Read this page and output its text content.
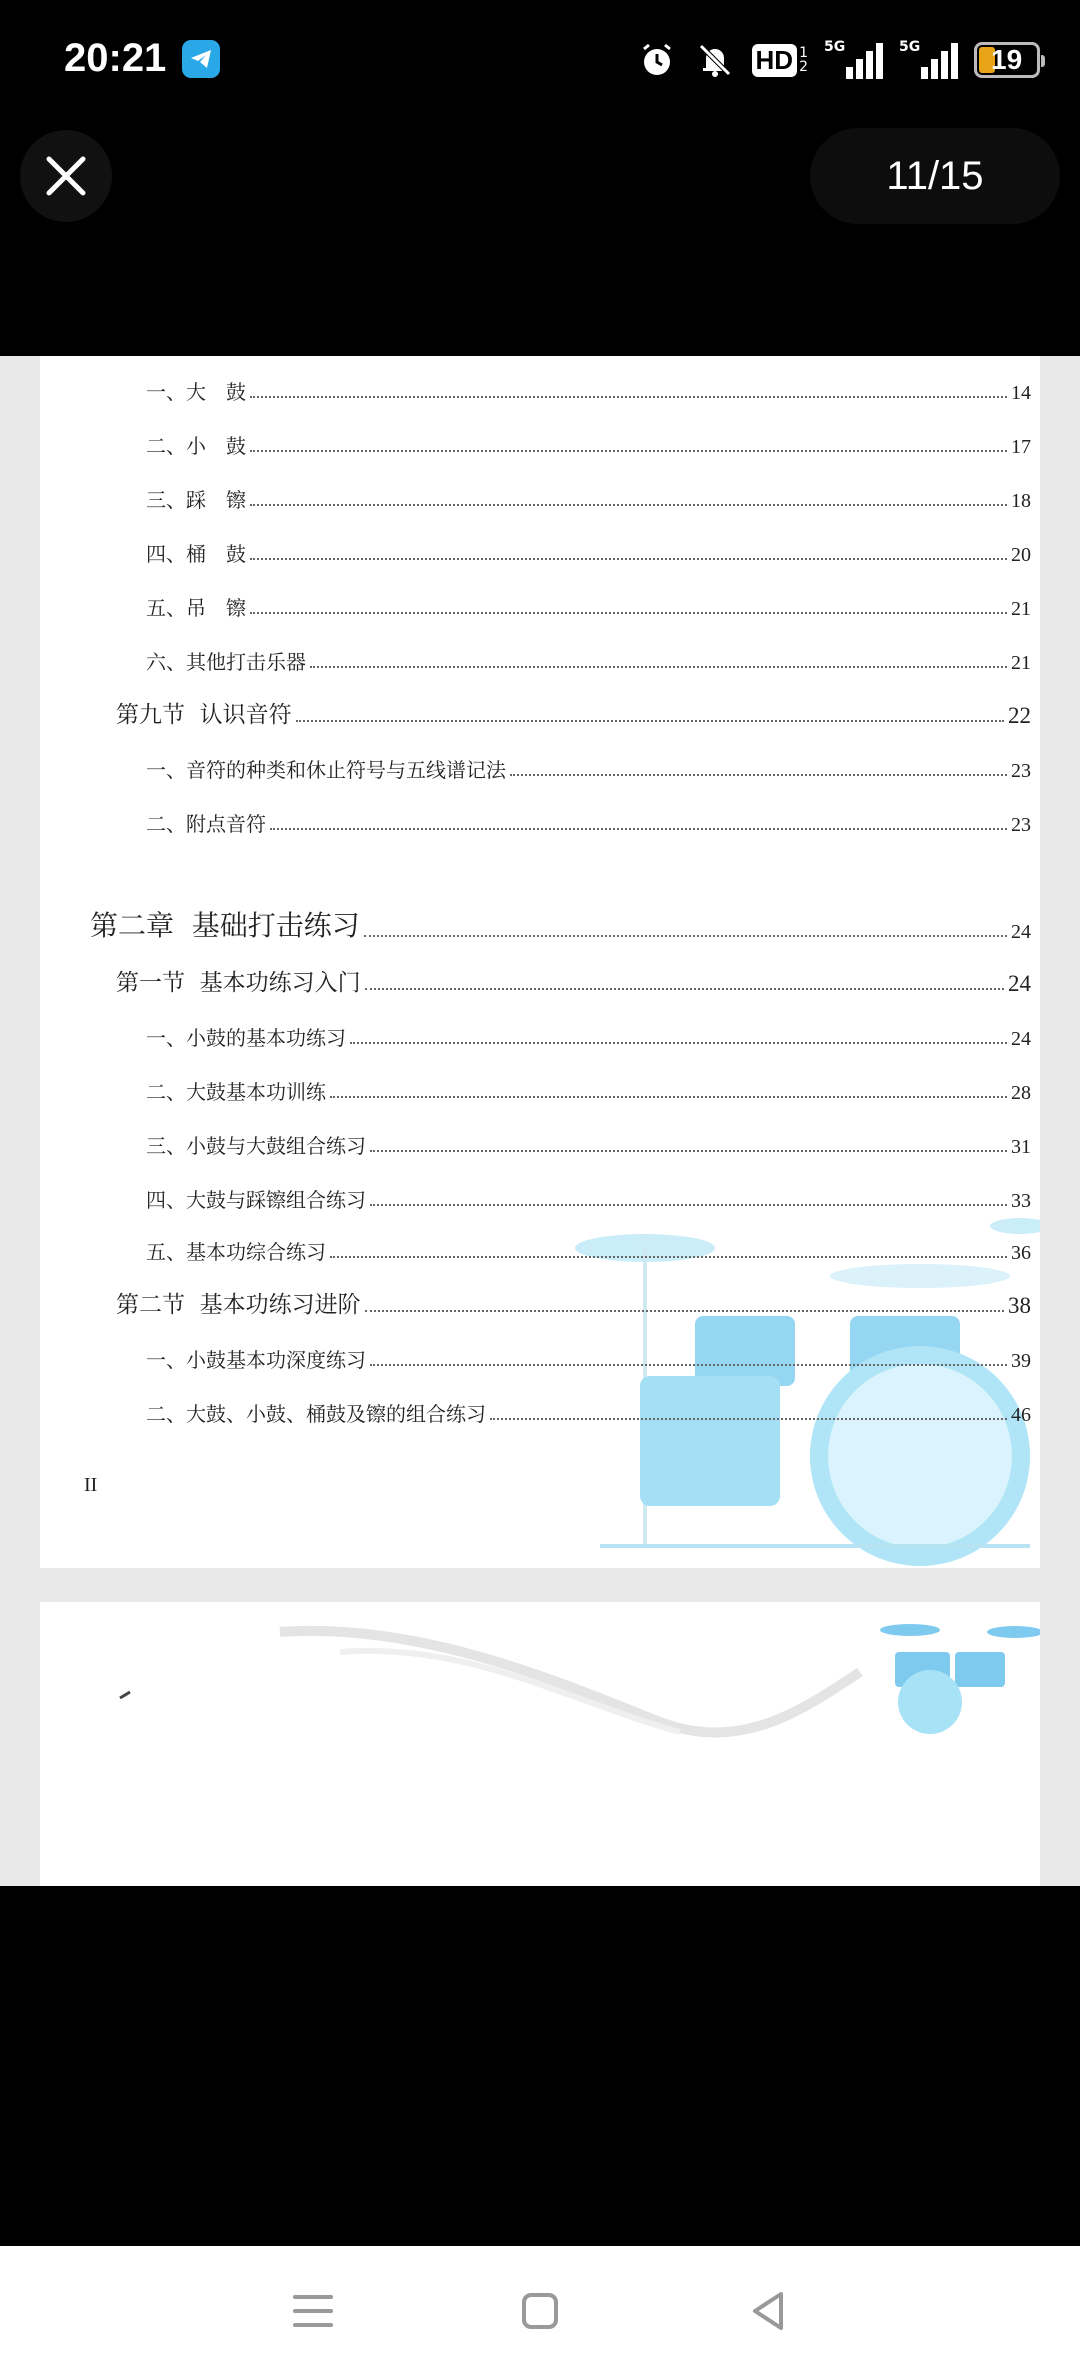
20:21	HD 1
2
5G	5G	19
11/15
一、大　鼓	14
二、小　鼓	17
三、踩　镲	18
四、桶　鼓	20
五、吊　镲	21
六、其他打击乐器	21
第九节  认识音符	22
一、音符的种类和休止符号与五线谱记法	23
二、附点音符	23
第二章  基础打击练习	24
第一节  基本功练习入门	24
一、小鼓的基本功练习	24
二、大鼓基本功训练	28
三、小鼓与大鼓组合练习	31
四、大鼓与踩镲组合练习	33
五、基本功综合练习	36
第二节  基本功练习进阶	38
一、小鼓基本功深度练习	39
二、大鼓、小鼓、桶鼓及镲的组合练习	46
II
